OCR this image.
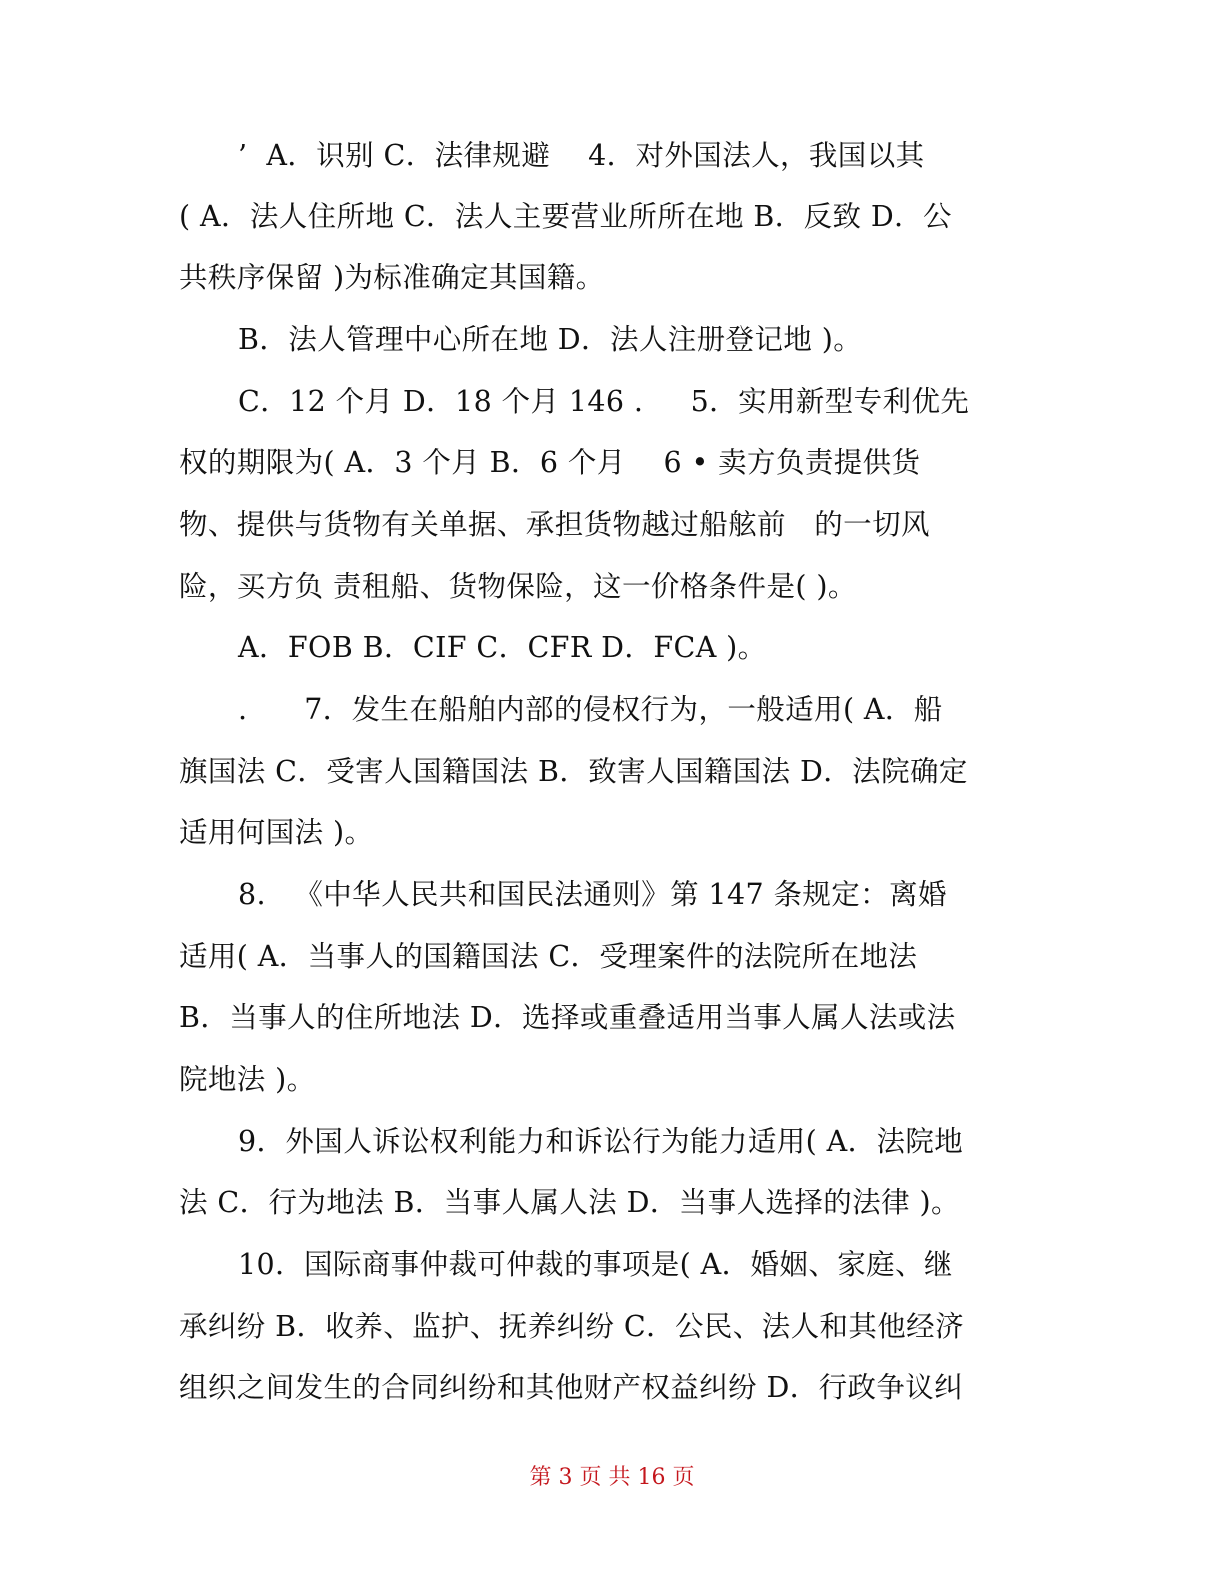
’  A．识别 C．法律规避    4．对外国法人，我国以其
( A．法人住所地 C．法人主要营业所所在地 B．反致 D．公
共秩序保留 )为标准确定其国籍。
B．法人管理中心所在地 D．法人注册登记地 )。
C．12 个月 D．18 个月 146 .     5．实用新型专利优先
权的期限为( A．3 个月 B．6 个月    6 • 卖方负责提供货
物、提供与货物有关单据、承担货物越过船舷前   的一切风
险，买方负 责租船、货物保险，这一价格条件是( )。
A．FOB B．CIF C．CFR D．FCA )。
.      7．发生在船舶内部的侵权行为，一般适用( A．船
旗国法 C．受害人国籍国法 B．致害人国籍国法 D．法院确定
适用何国法 )。
8.   《中华人民共和国民法通则》第 147 条规定：离婚
适用( A．当事人的国籍国法 C．受理案件的法院所在地法
B．当事人的住所地法 D．选择或重叠适用当事人属人法或法
院地法 )。
9．外国人诉讼权利能力和诉讼行为能力适用( A．法院地
法 C．行为地法 B．当事人属人法 D．当事人选择的法律 )。
10．国际商事仲裁可仲裁的事项是( A．婚姻、家庭、继
承纠纷 B．收养、监护、抚养纠纷 C．公民、法人和其他经济
组织之间发生的合同纠纷和其他财产权益纠纷 D．行政争议纠
第 3 页 共 16 页
